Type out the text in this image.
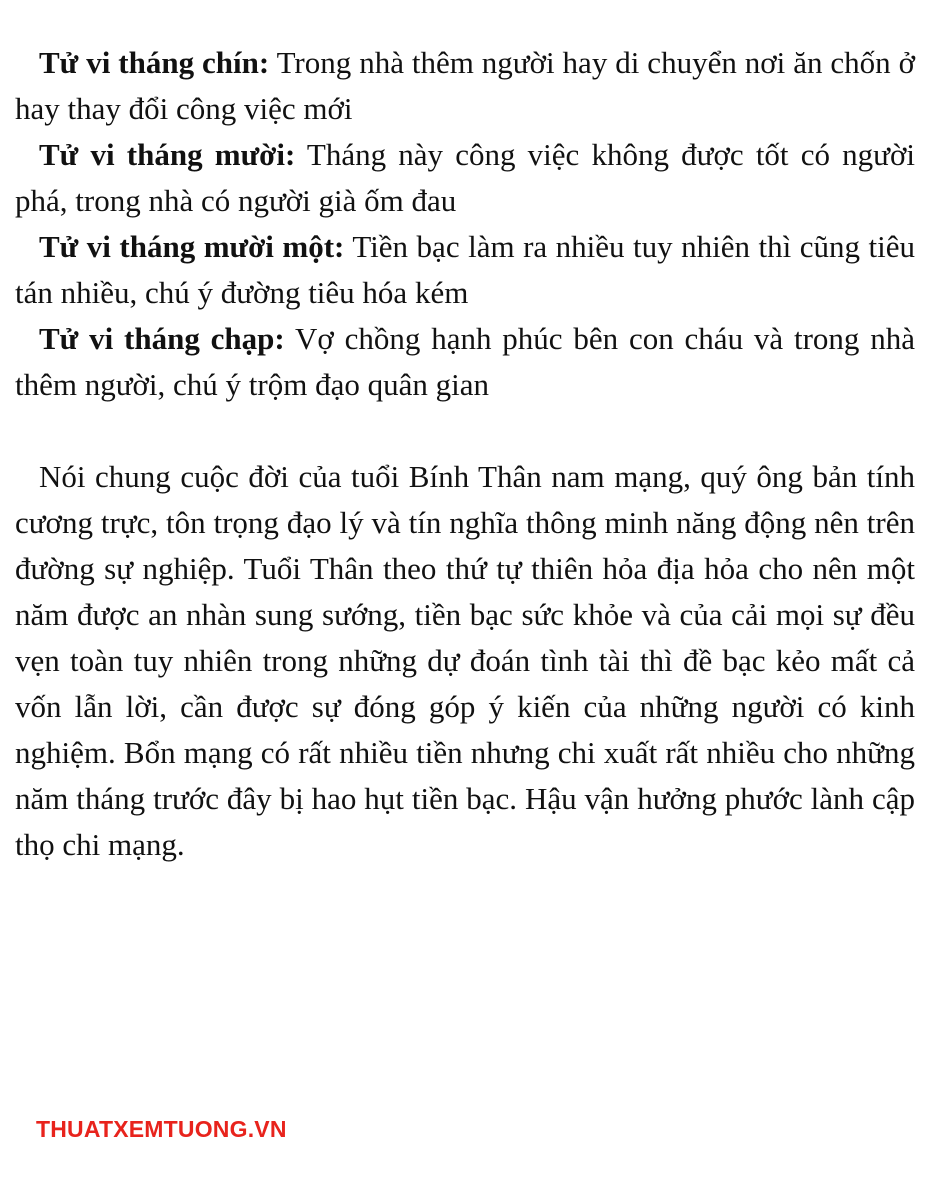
Tử vi tháng chín: Trong nhà thêm người hay di chuyển nơi ăn chốn ở hay thay đổi công việc mới

Tử vi tháng mười: Tháng này công việc không được tốt có người phá, trong nhà có người già ốm đau

Tử vi tháng mười một: Tiền bạc làm ra nhiều tuy nhiên thì cũng tiêu tán nhiều, chú ý đường tiêu hóa kém

Tử vi tháng chạp: Vợ chồng hạnh phúc bên con cháu và trong nhà thêm người, chú ý trộm đạo quân gian

Nói chung cuộc đời của tuổi Bính Thân nam mạng, quý ông bản tính cương trực, tôn trọng đạo lý và tín nghĩa thông minh năng động nên trên đường sự nghiệp. Tuổi Thân theo thứ tự thiên hỏa địa hỏa cho nên một năm được an nhàn sung sướng, tiền bạc sức khỏe và của cải mọi sự đều vẹn toàn tuy nhiên trong những dự đoán tình tài thì đề bạc kẻo mất cả vốn lẫn lời, cần được sự đóng góp ý kiến của những người có kinh nghiệm. Bổn mạng có rất nhiều tiền nhưng chi xuất rất nhiều cho những năm tháng trước đây bị hao hụt tiền bạc. Hậu vận hưởng phước lành cập thọ chi mạng.

THUATXEMTUONG.VN
